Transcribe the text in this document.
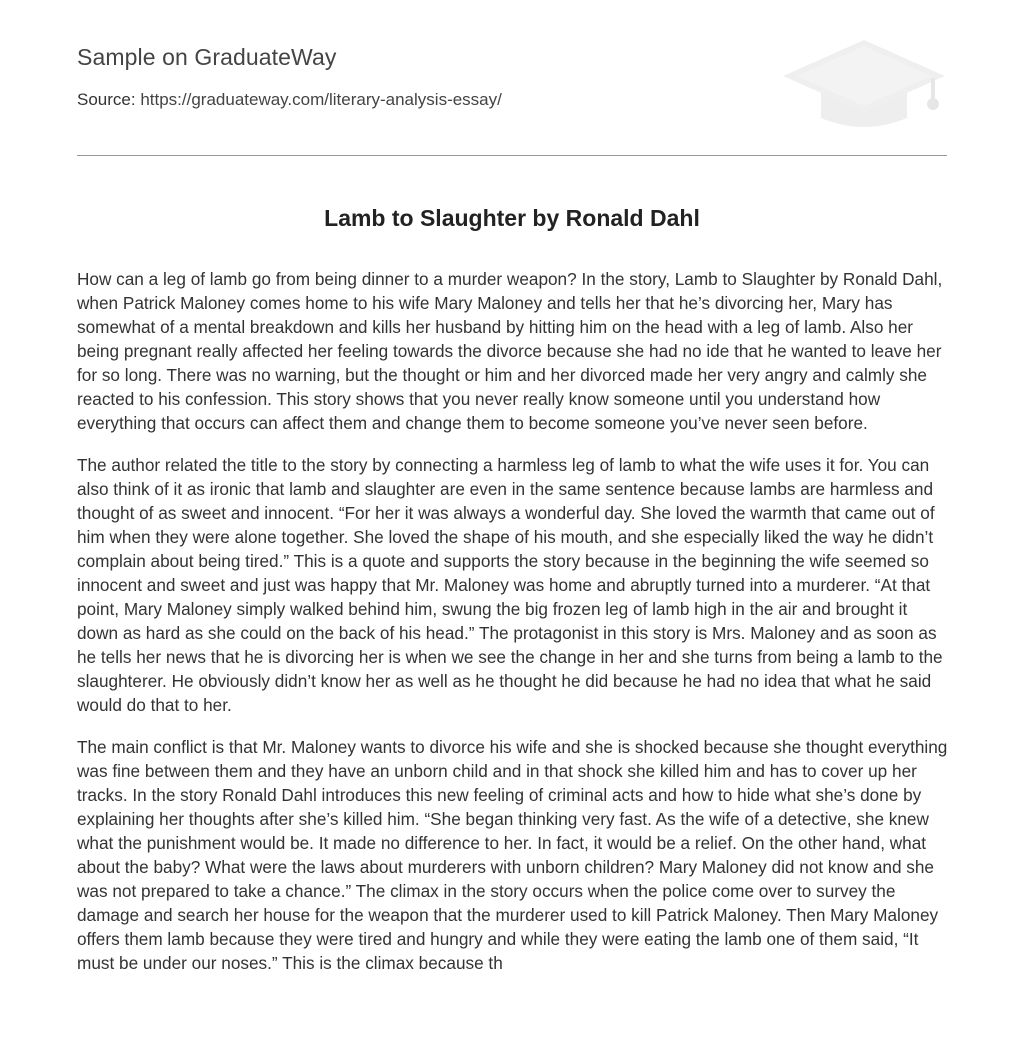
Sample on GraduateWay
Source: https://graduateway.com/literary-analysis-essay/
Lamb to Slaughter by Ronald Dahl

How can a leg of lamb go from being dinner to a murder weapon? In the story, Lamb to Slaughter by Ronald Dahl, when Patrick Maloney comes home to his wife Mary Maloney and tells her that he’s divorcing her, Mary has somewhat of a mental breakdown and kills her husband by hitting him on the head with a leg of lamb. Also her being pregnant really affected her feeling towards the divorce because she had no ide that he wanted to leave her for so long. There was no warning, but the thought or him and her divorced made her very angry and calmly she reacted to his confession. This story shows that you never really know someone until you understand how everything that occurs can affect them and change them to become someone you’ve never seen before.

The author related the title to the story by connecting a harmless leg of lamb to what the wife uses it for. You can also think of it as ironic that lamb and slaughter are even in the same sentence because lambs are harmless and thought of as sweet and innocent. “For her it was always a wonderful day. She loved the warmth that came out of him when they were alone together. She loved the shape of his mouth, and she especially liked the way he didn’t complain about being tired.” This is a quote and supports the story because in the beginning the wife seemed so innocent and sweet and just was happy that Mr. Maloney was home and abruptly turned into a murderer. “At that point, Mary Maloney simply walked behind him, swung the big frozen leg of lamb high in the air and brought it down as hard as she could on the back of his head.” The protagonist in this story is Mrs. Maloney and as soon as he tells her news that he is divorcing her is when we see the change in her and she turns from being a lamb to the slaughterer. He obviously didn’t know her as well as he thought he did because he had no idea that what he said would do that to her.

The main conflict is that Mr. Maloney wants to divorce his wife and she is shocked because she thought everything was fine between them and they have an unborn child and in that shock she killed him and has to cover up her tracks. In the story Ronald Dahl introduces this new feeling of criminal acts and how to hide what she’s done by explaining her thoughts after she’s killed him. “She began thinking very fast. As the wife of a detective, she knew what the punishment would be. It made no difference to her. In fact, it would be a relief. On the other hand, what about the baby? What were the laws about murderers with unborn children? Mary Maloney did not know and she was not prepared to take a chance.” The climax in the story occurs when the police come over to survey the damage and search her house for the weapon that the murderer used to kill Patrick Maloney. Then Mary Maloney offers them lamb because they were tired and hungry and while they were eating the lamb one of them said, “It must be under our noses.” This is the climax because th
